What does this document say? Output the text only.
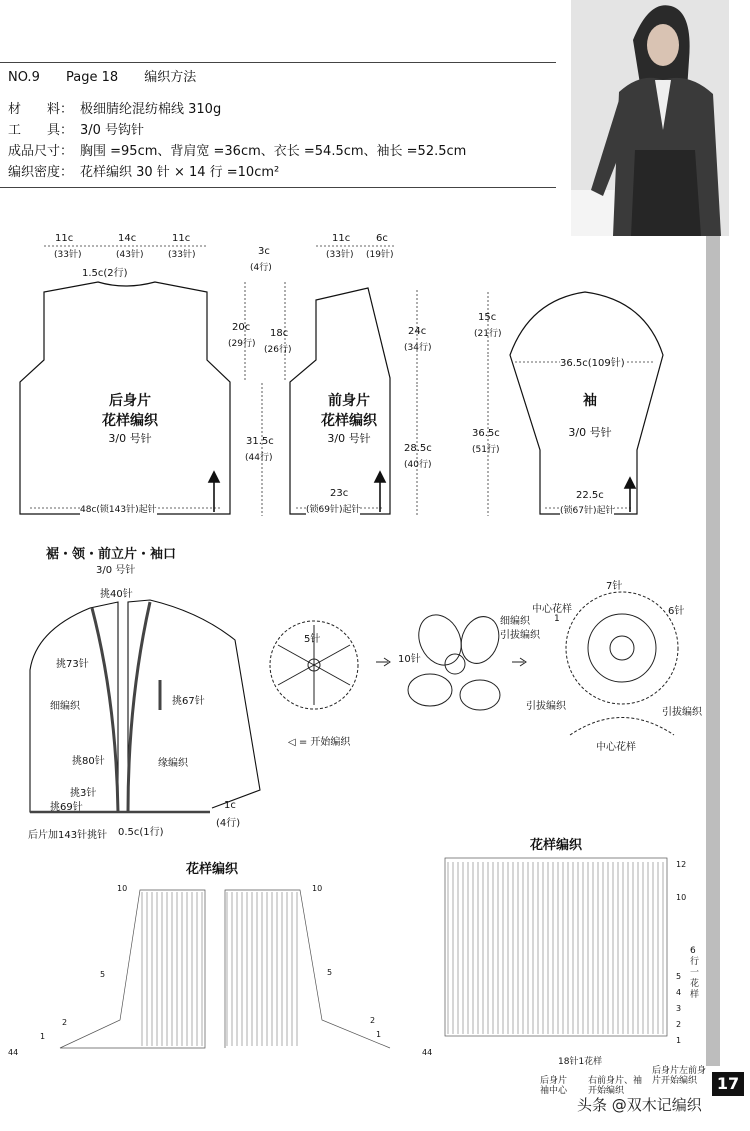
NO.9 Page 18 编织方法
材　　料： 极细腈纶混纺棉线 310g
工　　具： 3/0 号钩针
成品尺寸： 胸围 =95cm、背肩宽 =36cm、衣长 =54.5cm、袖长 =52.5cm
编织密度： 花样编织 30 针 × 14 行 =10cm²
后身片
花样编织
3/0 号针
前身片
花样编织
3/0 号针
袖
3/0 号针
11c
(33针)
14c
(43针)
11c
(33针)
1.5c(2行)
20c
(29行)
31.5c
(44行)
48c(锁143针)起针
3c
(4行)
18c
(26行)
11c
(33针)
6c
(19针)
24c
(34行)
28.5c
(40行)
23c
(锁69针)起针
15c
(21行)
36.5c(109针)
36.5c
(51行)
22.5c
(锁67针)起针
裾・领・前立片・袖口
3/0 号针
挑40针
挑73针
细编织	挑67针
挑80针	缘编织
挑3针
挑69针
后片加143针挑针 0.5c(1行)
1c
(4行)
5针
10针
细编织
引拔编织
中心花样
7针
6针
引拔编织
引拔编织
中心花样
1
◁ = 开始编织
花样编织
10
5
2
1
44
10
5
2
1
44
花样编织
12
10
5
4
3
2
1
6行一花样
18针1花样
后身片袖中心
右前身片、袖开始编织
后身片左前身片开始编织	17
头条 @双木记编织
